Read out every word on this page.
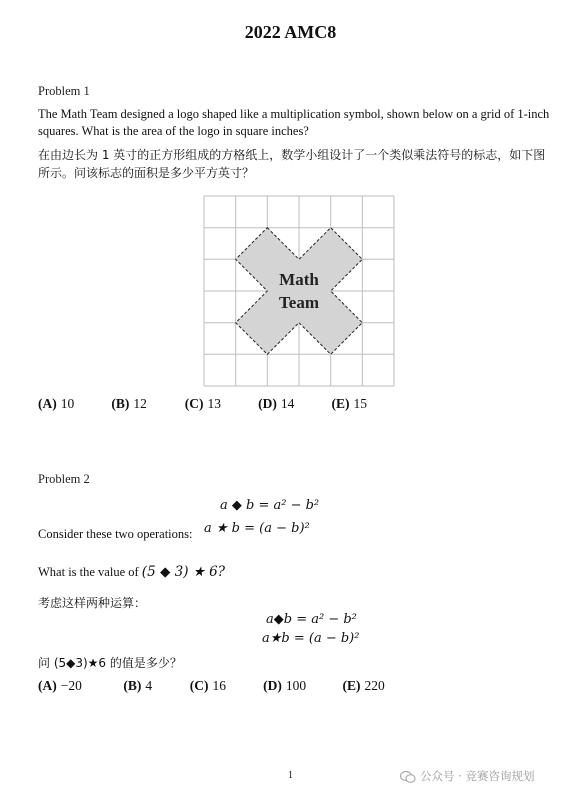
2022 AMC8
Problem 1
The Math Team designed a logo shaped like a multiplication symbol, shown below on a grid of 1-inch squares. What is the area of the logo in square inches?
在由边长为 1 英寸的正方形组成的方格纸上，数学小组设计了一个类似乘法符号的标志，如下图所示。问该标志的面积是多少平方英寸？
Math
Team
(A) 10	(B) 12	(C) 13	(D) 14	(E) 15
Problem 2
a ◆ b = a² − b²
a ★ b = (a − b)²
Consider these two operations:
What is the value of (5 ◆ 3) ★ 6?
考虑这样两种运算：
a◆b = a² − b²
a★b = (a − b)²
问 (5◆3)★6 的值是多少？
(A) −20	(B) 4	(C) 16	(D) 100	(E) 220
1	公众号 · 竞赛咨询规划
